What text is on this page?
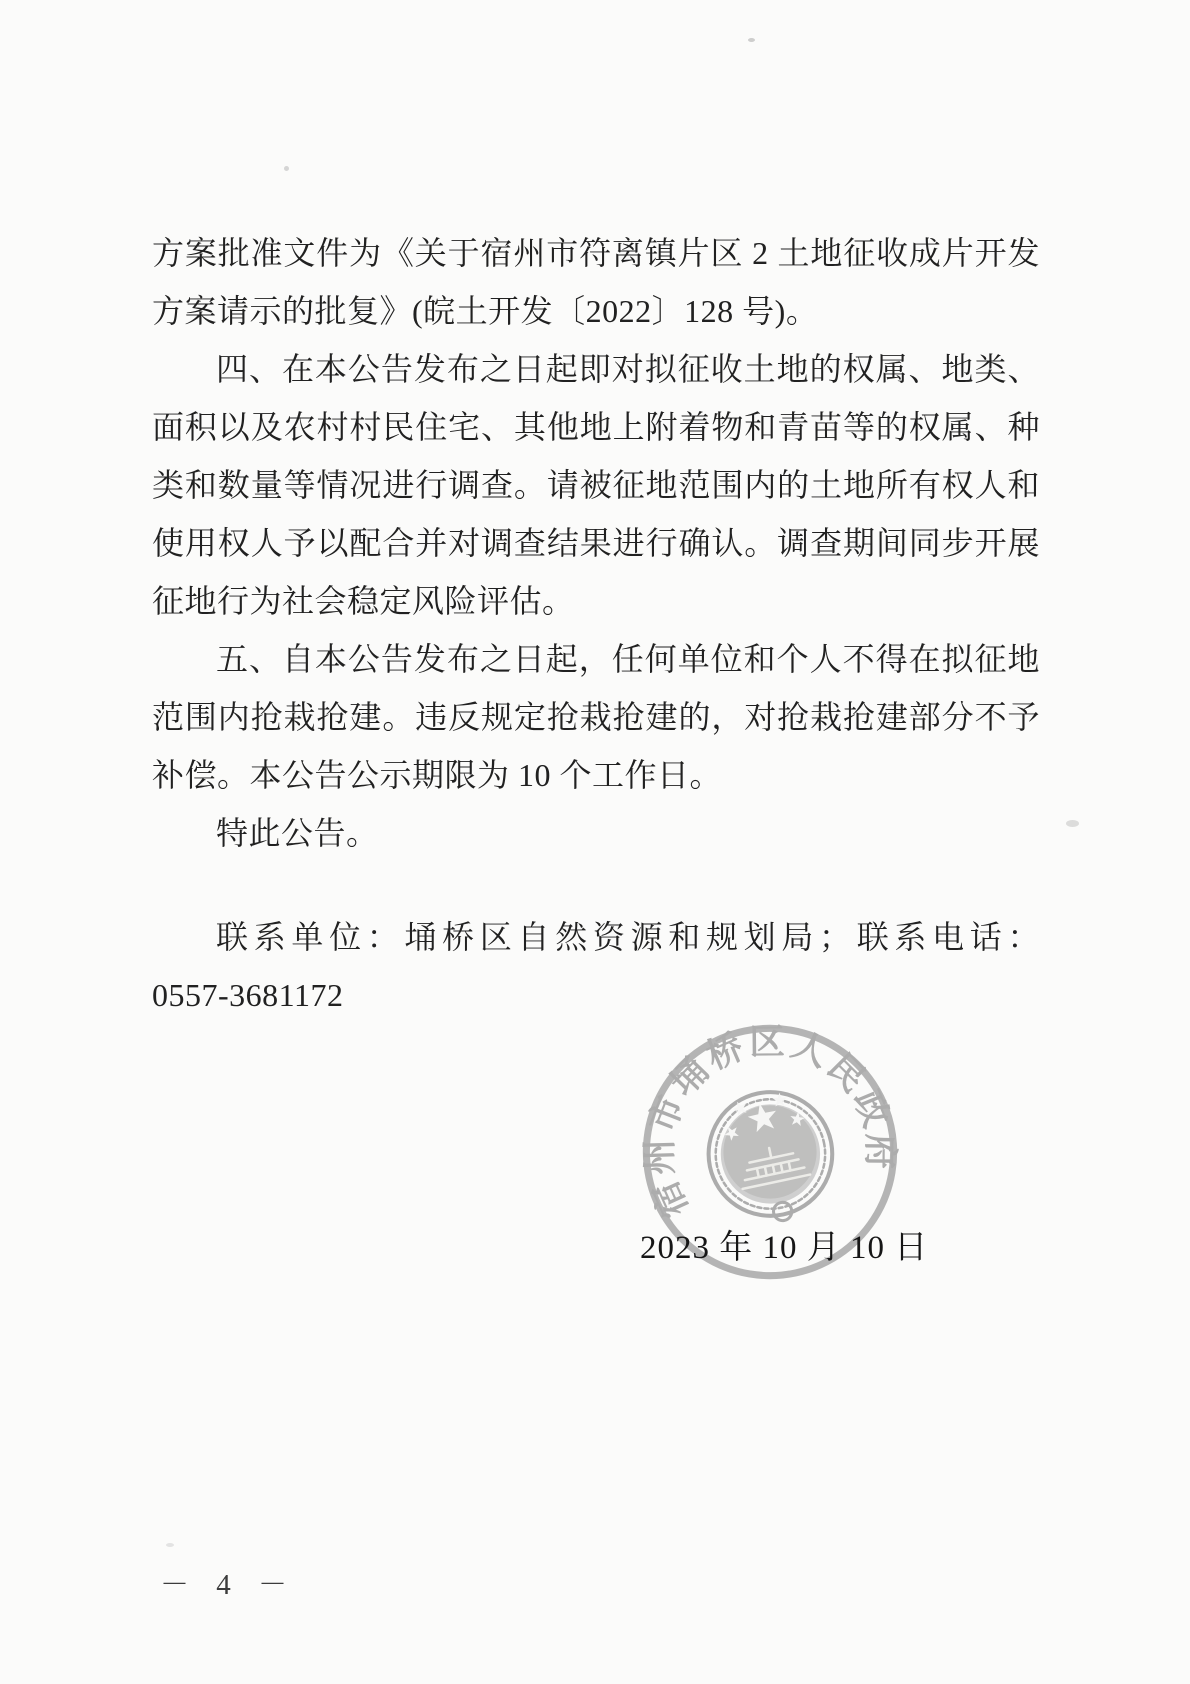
方案批准文件为《关于宿州市符离镇片区 2 土地征收成片开发
方案请示的批复》(皖土开发〔2022〕128 号)。
四、在本公告发布之日起即对拟征收土地的权属、地类、
面积以及农村村民住宅、其他地上附着物和青苗等的权属、种
类和数量等情况进行调查。请被征地范围内的土地所有权人和
使用权人予以配合并对调查结果进行确认。调查期间同步开展
征地行为社会稳定风险评估。
五、自本公告发布之日起，任何单位和个人不得在拟征地
范围内抢栽抢建。违反规定抢栽抢建的，对抢栽抢建部分不予
补偿。本公告公示期限为 10 个工作日。
特此公告。
联系单位：埇桥区自然资源和规划局；联系电话：
0557-3681172
宿州市埇桥区人民政府
2023 年 10 月 10 日
－ 4 －
